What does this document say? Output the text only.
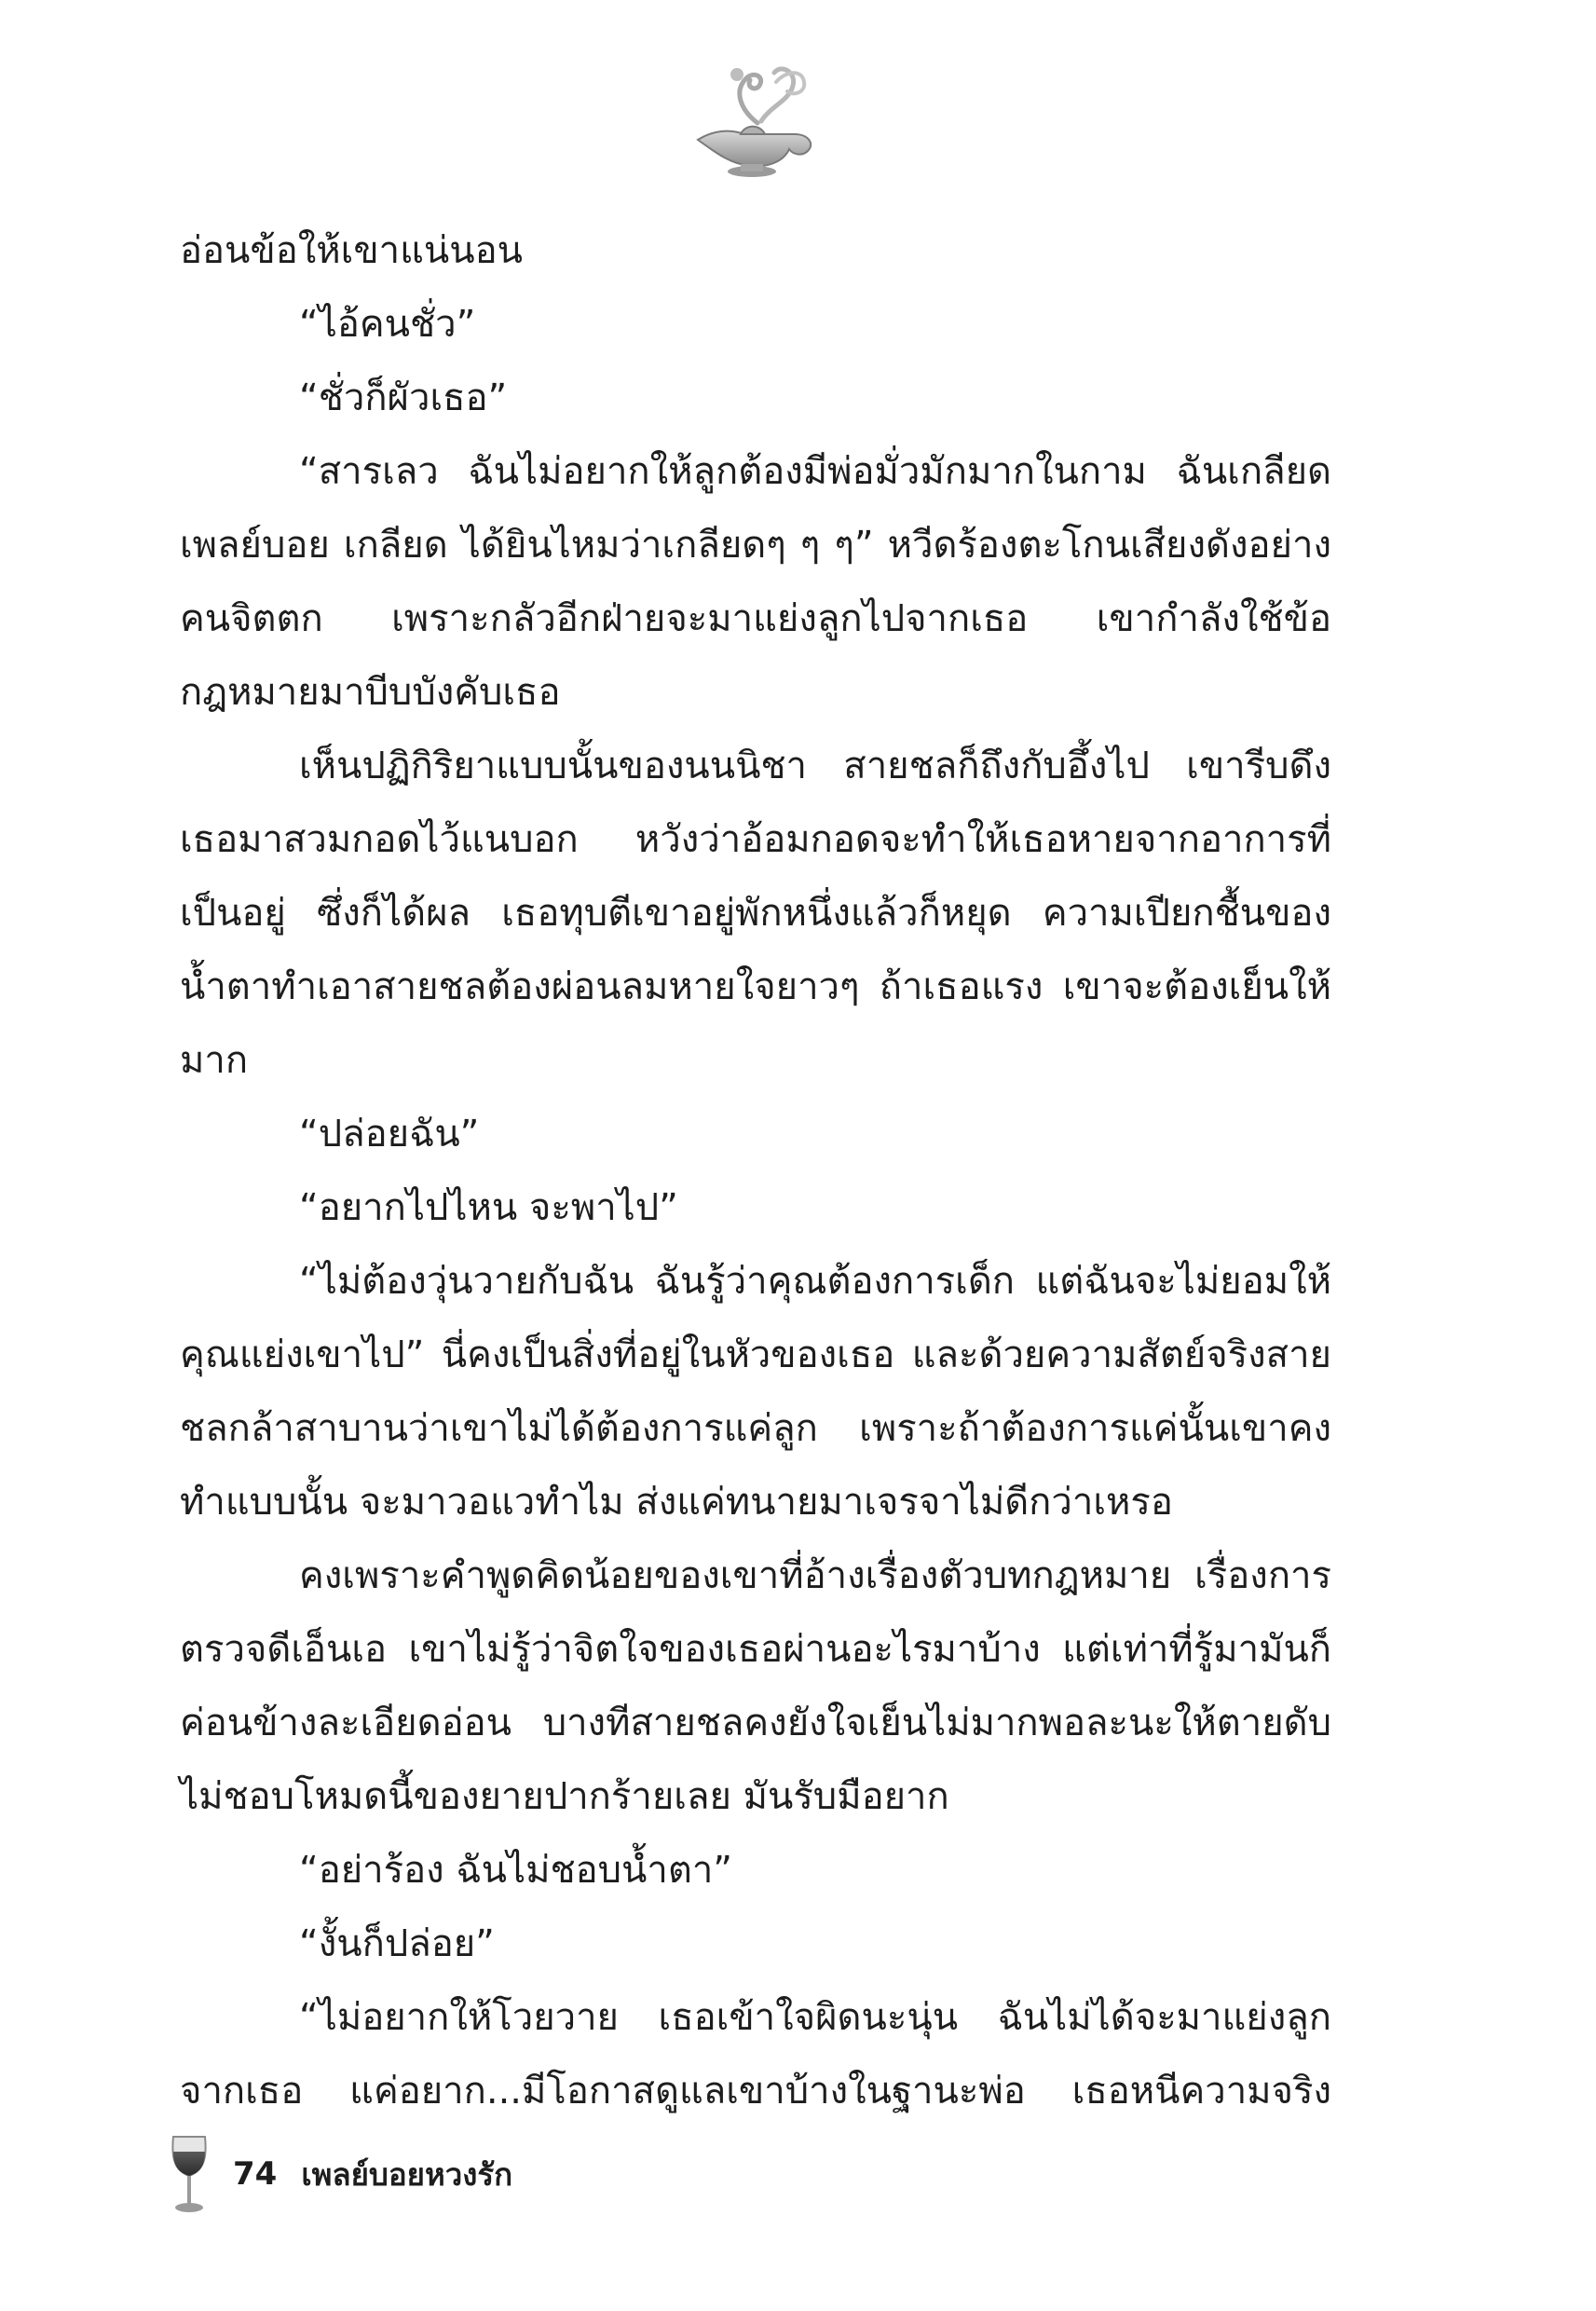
อ่อนข้อให้เขาแน่นอน

“ไอ้คนชั่ว”

“ชั่วก็ผัวเธอ”

“สารเลว ฉันไม่อยากให้ลูกต้องมีพ่อมั่วมักมากในกาม ฉันเกลียดเพลย์บอย เกลียด ได้ยินไหมว่าเกลียดๆ ๆ ๆ” หวีดร้องตะโกนเสียงดังอย่างคนจิตตก เพราะกลัวอีกฝ่ายจะมาแย่งลูกไปจากเธอ เขากำลังใช้ข้อกฎหมายมาบีบบังคับเธอ

เห็นปฏิกิริยาแบบนั้นของนนนิชา สายชลก็ถึงกับอึ้งไป เขารีบดึงเธอมาสวมกอดไว้แนบอก หวังว่าอ้อมกอดจะทำให้เธอหายจากอาการที่เป็นอยู่ ซึ่งก็ได้ผล เธอทุบตีเขาอยู่พักหนึ่งแล้วก็หยุด ความเปียกชื้นของน้ำตาทำเอาสายชลต้องผ่อนลมหายใจยาวๆ ถ้าเธอแรง เขาจะต้องเย็นให้มาก

“ปล่อยฉัน”

“อยากไปไหน จะพาไป”

“ไม่ต้องวุ่นวายกับฉัน ฉันรู้ว่าคุณต้องการเด็ก แต่ฉันจะไม่ยอมให้คุณแย่งเขาไป” นี่คงเป็นสิ่งที่อยู่ในหัวของเธอ และด้วยความสัตย์จริงสายชลกล้าสาบานว่าเขาไม่ได้ต้องการแค่ลูก เพราะถ้าต้องการแค่นั้นเขาคงทำแบบนั้น จะมาวอแวทำไม ส่งแค่ทนายมาเจรจาไม่ดีกว่าเหรอ

คงเพราะคำพูดคิดน้อยของเขาที่อ้างเรื่องตัวบทกฎหมาย เรื่องการตรวจดีเอ็นเอ เขาไม่รู้ว่าจิตใจของเธอผ่านอะไรมาบ้าง แต่เท่าที่รู้มามันก็ค่อนข้างละเอียดอ่อน บางทีสายชลคงยังใจเย็นไม่มากพอละนะให้ตายดับ ไม่ชอบโหมดนี้ของยายปากร้ายเลย มันรับมือยาก

“อย่าร้อง ฉันไม่ชอบน้ำตา”

“งั้นก็ปล่อย”

“ไม่อยากให้โวยวาย เธอเข้าใจผิดนะนุ่น ฉันไม่ได้จะมาแย่งลูกจากเธอ แค่อยาก...มีโอกาสดูแลเขาบ้างในฐานะพ่อ เธอหนีความจริง

74 เพลย์บอยหวงรัก
